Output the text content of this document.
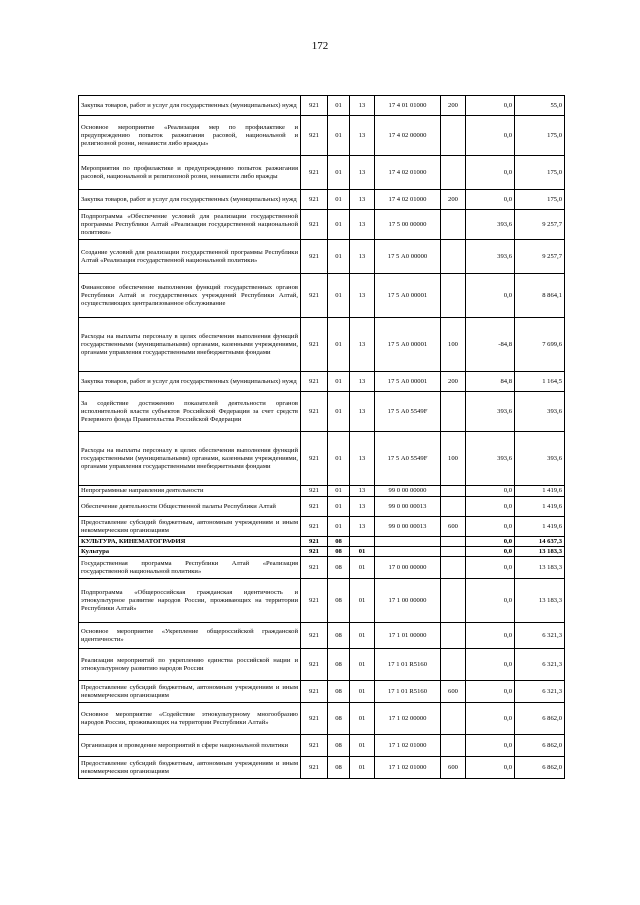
172
Закупка товаров, работ и услуг для государственных (муниципальных) нужд	921	01	13	17 4 01 01000	200	0,0	55,0
Основное мероприятие «Реализация мер по профилактике и предупреждению попыток разжигания расовой, национальной и религиозной розни, ненависти либо вражды»	921	01	13	17 4 02 00000		0,0	175,0
Мероприятия по профилактике и предупреждению попыток разжигания расовой, национальной и религиозной розни, ненависти либо вражды	921	01	13	17 4 02 01000		0,0	175,0
Закупка товаров, работ и услуг для государственных (муниципальных) нужд	921	01	13	17 4 02 01000	200	0,0	175,0
Подпрограмма «Обеспечение условий для реализации государственной программы Республики Алтай «Реализация государственной национальной политики»	921	01	13	17 5 00 00000		393,6	9 257,7
Создание условий для реализации государственной программы Республики Алтай «Реализация государственной национальной политики»	921	01	13	17 5 А0 00000		393,6	9 257,7
Финансовое обеспечение выполнения функций государственных органов Республики Алтай и государственных учреждений Республики Алтай, осуществляющих централизованное обслуживание	921	01	13	17 5 А0 00001		0,0	8 864,1
Расходы на выплаты персоналу в целях обеспечения выполнения функций государственными (муниципальными) органами, казенными учреждениями, органами управления государственными внебюджетными фондами	921	01	13	17 5 А0 00001	100	-84,8	7 699,6
Закупка товаров, работ и услуг для государственных (муниципальных) нужд	921	01	13	17 5 А0 00001	200	84,8	1 164,5
За содействие достижению показателей деятельности органов исполнительной власти субъектов Российской Федерации за счет средств Резервного фонда Правительства Российской Федерации	921	01	13	17 5 А0 5549F		393,6	393,6
Расходы на выплаты персоналу в целях обеспечения выполнения функций государственными (муниципальными) органами, казенными учреждениями, органами управления государственными внебюджетными фондами	921	01	13	17 5 А0 5549F	100	393,6	393,6
Непрограммные направления деятельности	921	01	13	99 0 00 00000		0,0	1 419,6
Обеспечение деятельности Общественной палаты Республики Алтай	921	01	13	99 0 00 00013		0,0	1 419,6
Предоставление субсидий бюджетным, автономным учреждениям и иным некоммерческим организациям	921	01	13	99 0 00 00013	600	0,0	1 419,6
КУЛЬТУРА, КИНЕМАТОГРАФИЯ	921	08				0,0	14 637,3
Культура	921	08	01			0,0	13 183,3
Государственная программа Республики Алтай «Реализация государственной национальной политики»	921	08	01	17 0 00 00000		0,0	13 183,3
Подпрограмма «Общероссийская гражданская идентичность и этнокультурное развитие народов России, проживающих на территории Республики Алтай»	921	08	01	17 1 00 00000		0,0	13 183,3
Основное мероприятие «Укрепление общероссийской гражданской идентичности»	921	08	01	17 1 01 00000		0,0	6 321,3
Реализация мероприятий по укреплению единства российской нации и этнокультурному развитию народов России	921	08	01	17 1 01 R5160		0,0	6 321,3
Предоставление субсидий бюджетным, автономным учреждениям и иным некоммерческим организациям	921	08	01	17 1 01 R5160	600	0,0	6 321,3
Основное мероприятие «Содействие этнокультурному многообразию народов России, проживающих на территории Республики Алтай»	921	08	01	17 1 02 00000		0,0	6 862,0
Организация и проведение мероприятий в сфере национальной политики	921	08	01	17 1 02 01000		0,0	6 862,0
Предоставление субсидий бюджетным, автономным учреждениям и иным некоммерческим организациям	921	08	01	17 1 02 01000	600	0,0	6 862,0
